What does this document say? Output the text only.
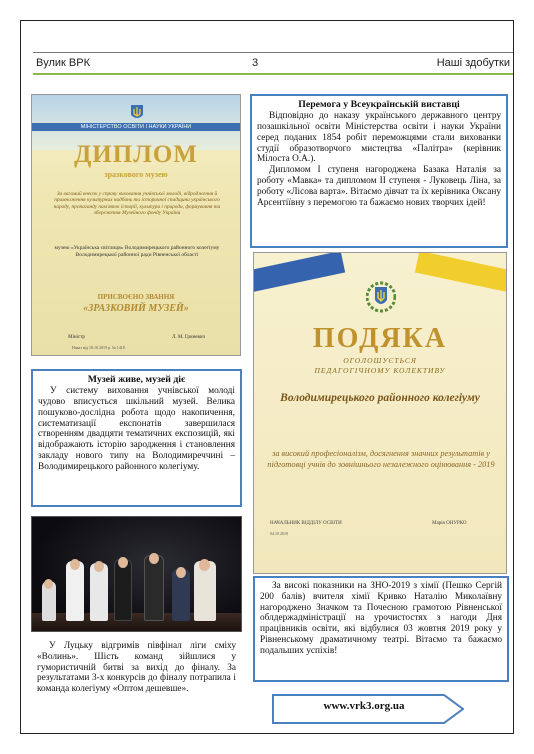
Вулик ВРК	3	Наші здобутки
МІНІСТЕРСТВО ОСВІТИ І НАУКИ УКРАЇНИ
ДИПЛОМ
зразкового музею
За вагомий внесок у справу виховання учнівської молоді, відродження й примноження культурних надбань та історичної спадщини українського народу, пропаганду пам'яток історії, культури і природи, формування та збереження Музейного фонду України
музею «Українська світлиця» Володимирецького районного колегіуму Володимирецької районної ради Рівненської області
ПРИСВОЄНО ЗВАННЯ
«ЗРАЗКОВИЙ МУЗЕЙ»
Міністр	Л. М. Гриневич
Наказ від 18.10.2019 р. № 1418
Перемога у Всеукраїнській виставці

Відповідно до наказу українського державного центру позашкільної освіти Міністерства освіти і науки України серед поданих 1854 робіт переможцями стали вихованки студії образотворчого мистецтва «Палітра» (керівник Мілоста О.А.).

Дипломом I ступеня нагороджена Базака Наталія за роботу «Мавка» та дипломом II ступеня - Луковець Ліна, за роботу «Лісова варта». Вітаємо дівчат та їх керівника Оксану Арсентіївну з перемогою та бажаємо нових творчих ідей!

Музей живе, музей діє

У систему виховання учнівської молоді чудово вписується шкільний музей. Велика пошуково-дослідна робота щодо накопичення, систематизації експонатів завершилася створенням двадцяти тематичних експозицій, які відображають історію зародження і становлення закладу нового типу на Володимиреччині – Володимирецького районного колегіуму.

ПОДЯКА
ОГОЛОШУЄТЬСЯ
ПЕДАГОГІЧНОМУ КОЛЕКТИВУ
Володимирецького районного колегіуму
за високий професіоналізм, досягнення значних результатів у підготовці учнів до зовнішнього незалежного оцінювання - 2019
НАЧАЛЬНИК ВІДДІЛУ ОСВІТИ	Марія ОНУРКО
04.10.2019

У Луцьку відгримів півфінал ліги сміху «Волинь». Шість команд зійшлися у гумористичній битві за вихід до фіналу. За результатами 3-х конкурсів до фіналу потрапила і команда колегіуму «Оптом дешевше».

За високі показники на ЗНО-2019 з хімії (Пешко Сергій 200 балів) вчителя хімії Кривко Наталію Миколаївну нагороджено Значком та Почесною грамотою Рівненської облдержадміністрації на урочистостях з нагоди Дня працівників освіти, які відбулися 03 жовтня 2019 року у Рівненському драматичному театрі. Вітаємо та бажаємо подальших успіхів!

www.vrk3.org.ua
